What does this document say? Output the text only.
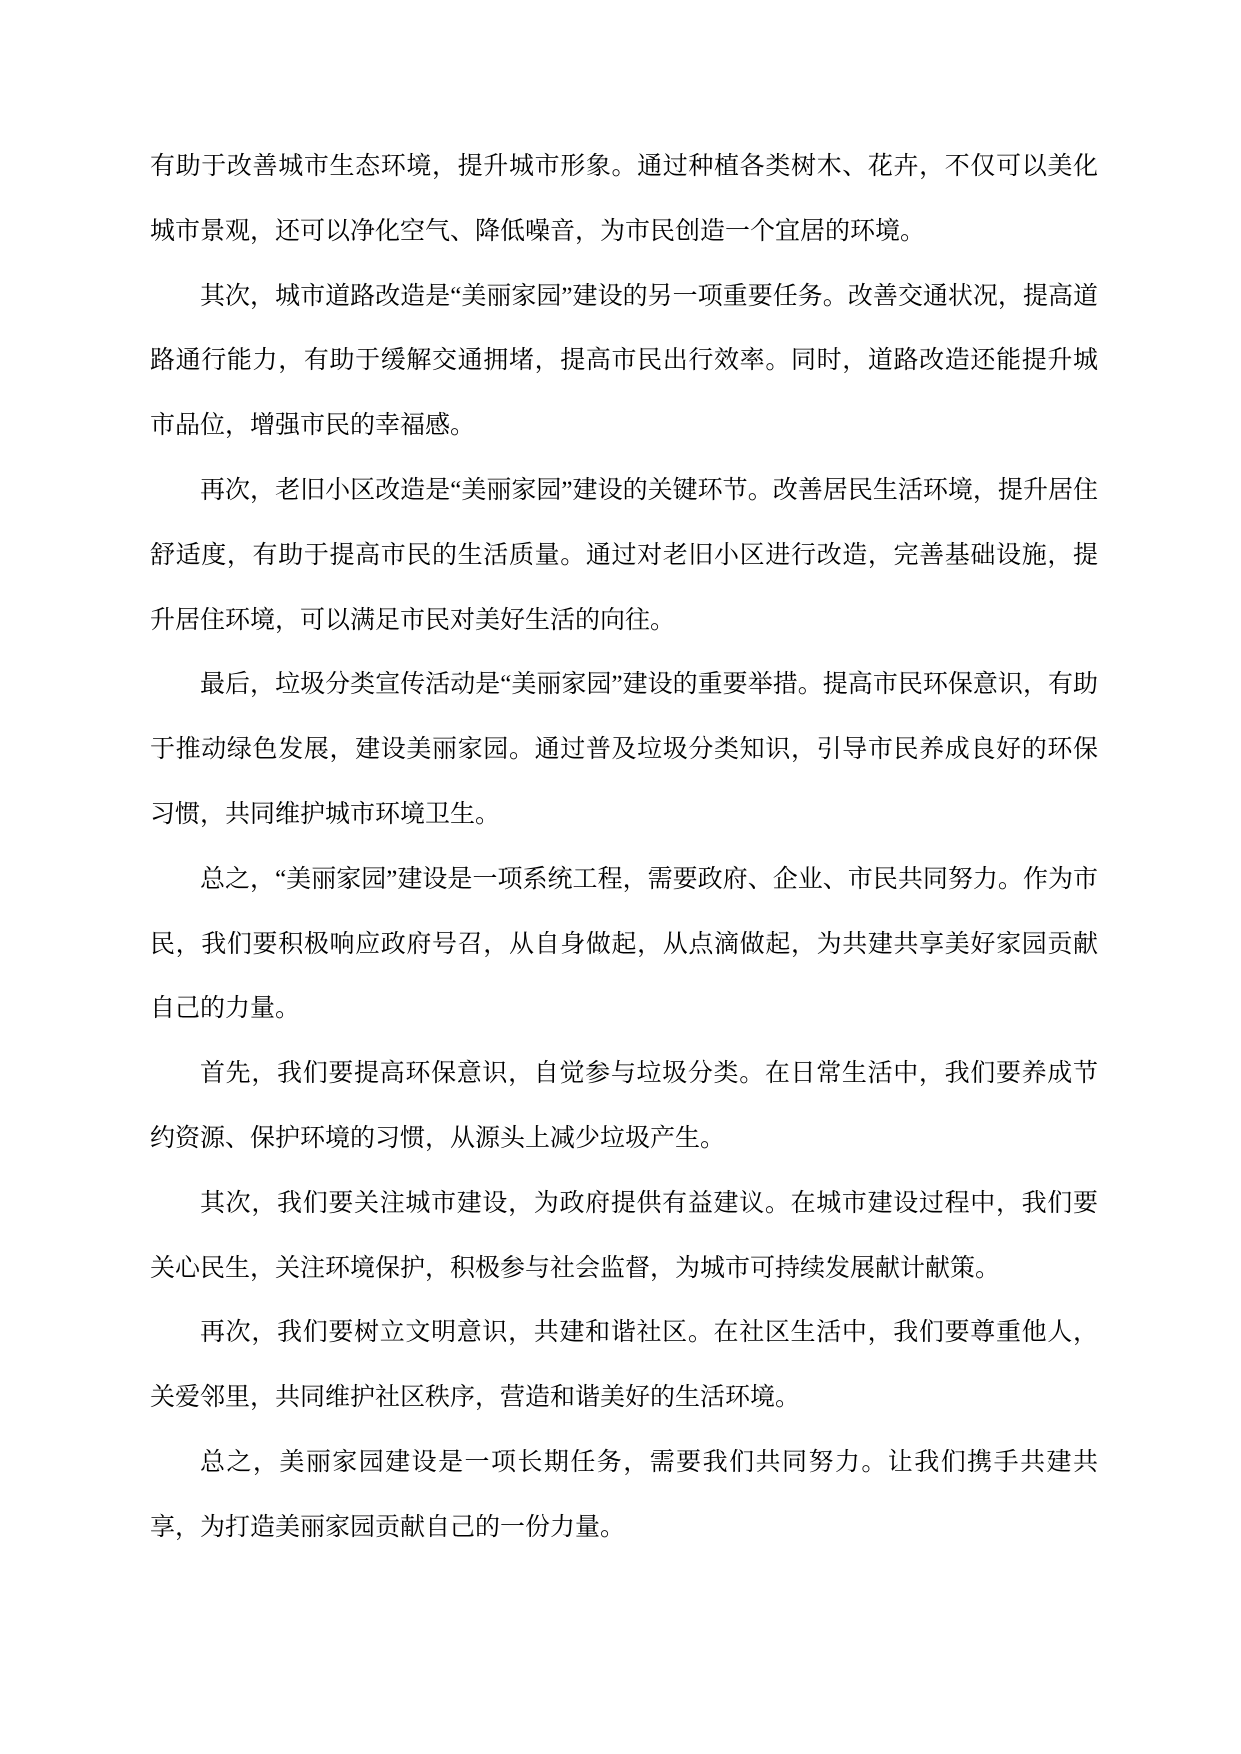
有助于改善城市生态环境，提升城市形象。通过种植各类树木、花卉，不仅可以美化城市景观，还可以净化空气、降低噪音，为市民创造一个宜居的环境。

其次，城市道路改造是“美丽家园”建设的另一项重要任务。改善交通状况，提高道路通行能力，有助于缓解交通拥堵，提高市民出行效率。同时，道路改造还能提升城市品位，增强市民的幸福感。

再次，老旧小区改造是“美丽家园”建设的关键环节。改善居民生活环境，提升居住舒适度，有助于提高市民的生活质量。通过对老旧小区进行改造，完善基础设施，提升居住环境，可以满足市民对美好生活的向往。

最后，垃圾分类宣传活动是“美丽家园”建设的重要举措。提高市民环保意识，有助于推动绿色发展，建设美丽家园。通过普及垃圾分类知识，引导市民养成良好的环保习惯，共同维护城市环境卫生。

总之，“美丽家园”建设是一项系统工程，需要政府、企业、市民共同努力。作为市民，我们要积极响应政府号召，从自身做起，从点滴做起，为共建共享美好家园贡献自己的力量。

首先，我们要提高环保意识，自觉参与垃圾分类。在日常生活中，我们要养成节约资源、保护环境的习惯，从源头上减少垃圾产生。

其次，我们要关注城市建设，为政府提供有益建议。在城市建设过程中，我们要关心民生，关注环境保护，积极参与社会监督，为城市可持续发展献计献策。

再次，我们要树立文明意识，共建和谐社区。在社区生活中，我们要尊重他人，关爱邻里，共同维护社区秩序，营造和谐美好的生活环境。

总之，美丽家园建设是一项长期任务，需要我们共同努力。让我们携手共建共享，为打造美丽家园贡献自己的一份力量。
